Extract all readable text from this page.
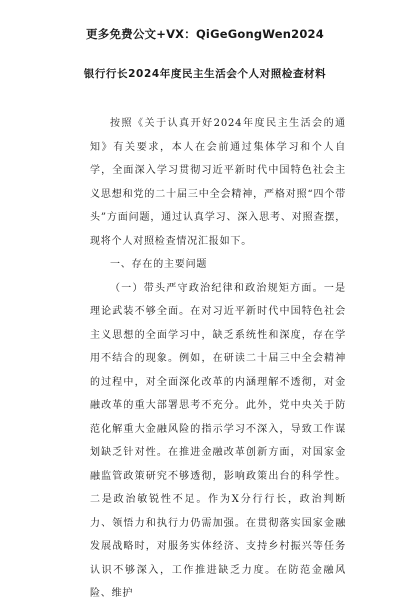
更多免费公文+VX：QiGeGongWen2024
银行行长2024年度民主生活会个人对照检查材料

按照《关于认真开好2024年度民主生活会的通知》有关要求，本人在会前通过集体学习和个人自学，全面深入学习贯彻习近平新时代中国特色社会主义思想和党的二十届三中全会精神，严格对照“四个带头”方面问题，通过认真学习、深入思考、对照查摆，现将个人对照检查情况汇报如下。

一、存在的主要问题

（一）带头严守政治纪律和政治规矩方面。一是理论武装不够全面。在对习近平新时代中国特色社会主义思想的全面学习中，缺乏系统性和深度，存在学用不结合的现象。例如，在研读二十届三中全会精神的过程中，对全面深化改革的内涵理解不透彻，对金融改革的重大部署思考不充分。此外，党中央关于防范化解重大金融风险的指示学习不深入，导致工作谋划缺乏针对性。在推进金融改革创新方面，对国家金融监管政策研究不够透彻，影响政策出台的科学性。二是政治敏锐性不足。作为X分行行长，政治判断力、领悟力和执行力仍需加强。在贯彻落实国家金融发展战略时，对服务实体经济、支持乡村振兴等任务认识不够深入，工作推进缺乏力度。在防范金融风险、维护
